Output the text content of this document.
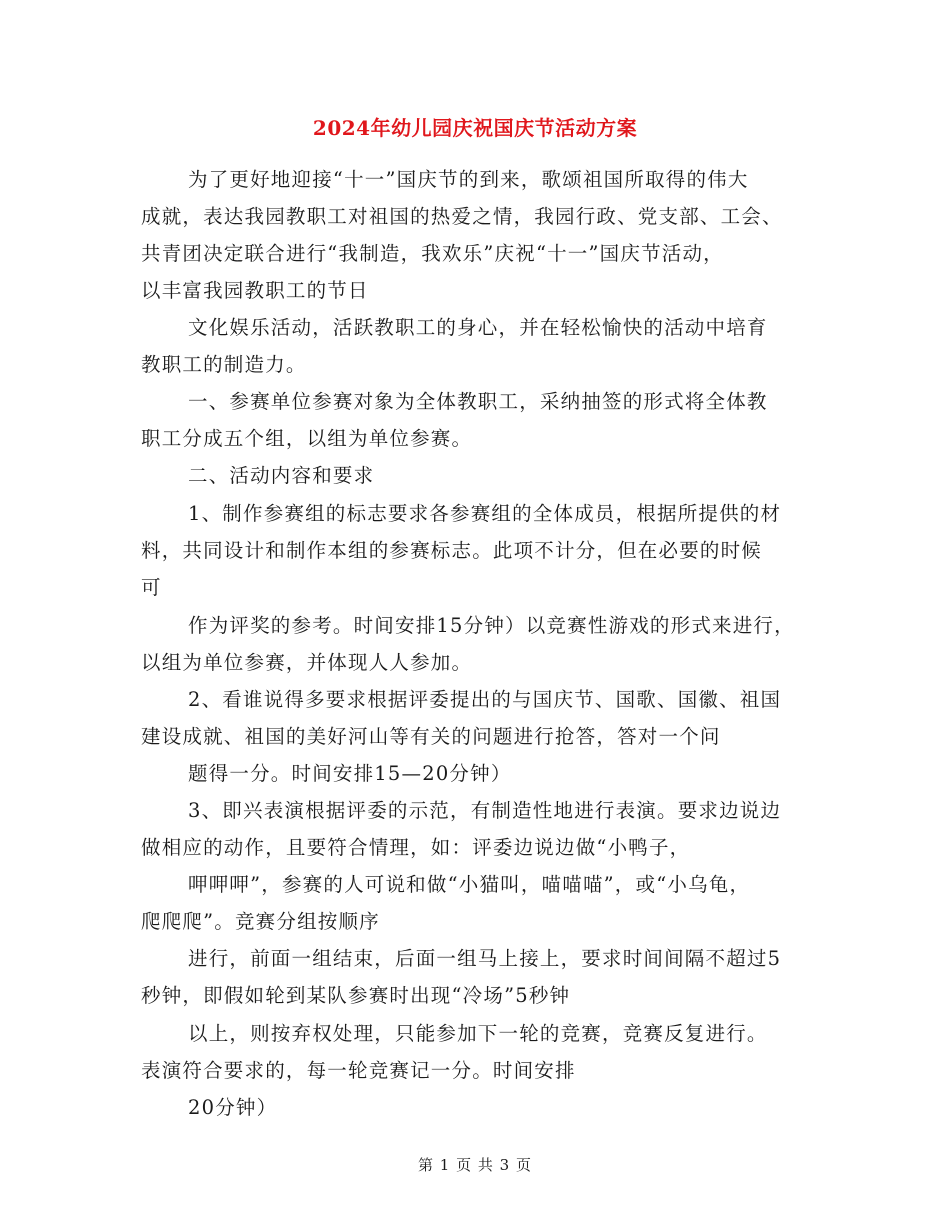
2024年幼儿园庆祝国庆节活动方案
为了更好地迎接“十一”国庆节的到来，歌颂祖国所取得的伟大
成就，表达我园教职工对祖国的热爱之情，我园行政、党支部、工会、
共青团决定联合进行“我制造，我欢乐”庆祝“十一”国庆节活动，
以丰富我园教职工的节日
文化娱乐活动，活跃教职工的身心，并在轻松愉快的活动中培育
教职工的制造力。
一、参赛单位参赛对象为全体教职工，采纳抽签的形式将全体教
职工分成五个组，以组为单位参赛。
二、活动内容和要求
1、制作参赛组的标志要求各参赛组的全体成员，根据所提供的材
料，共同设计和制作本组的参赛标志。此项不计分，但在必要的时候
可
作为评奖的参考。时间安排15分钟）以竞赛性游戏的形式来进行，
以组为单位参赛，并体现人人参加。
2、看谁说得多要求根据评委提出的与国庆节、国歌、国徽、祖国
建设成就、祖国的美好河山等有关的问题进行抢答，答对一个问
题得一分。时间安排15—20分钟）
3、即兴表演根据评委的示范，有制造性地进行表演。要求边说边
做相应的动作，且要符合情理，如：评委边说边做“小鸭子，
呷呷呷”，参赛的人可说和做“小猫叫，喵喵喵”，或“小乌龟，
爬爬爬”。竞赛分组按顺序
进行，前面一组结束，后面一组马上接上，要求时间间隔不超过5
秒钟，即假如轮到某队参赛时出现“冷场”5秒钟
以上，则按弃权处理，只能参加下一轮的竞赛，竞赛反复进行。
表演符合要求的，每一轮竞赛记一分。时间安排
20分钟）
第 1 页 共 3 页
